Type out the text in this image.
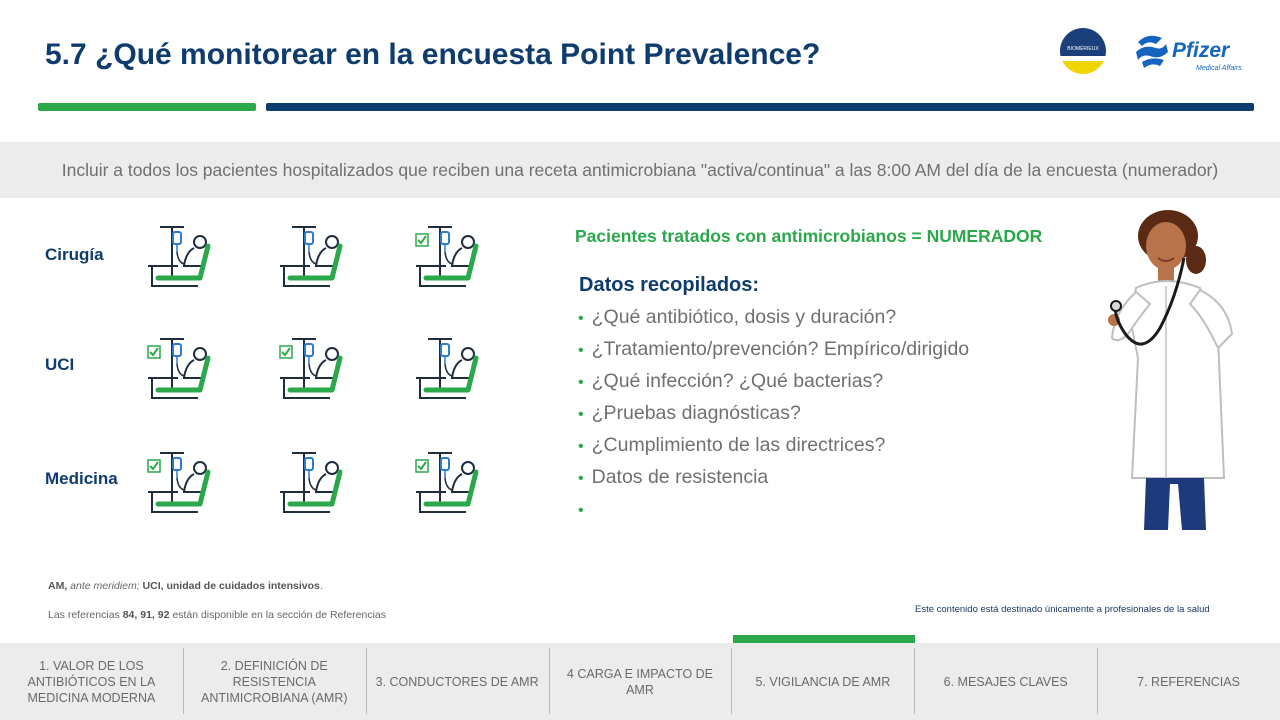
5.7 ¿Qué monitorear en la encuesta Point Prevalence?	BIOMÉRIEUX	Pfizer
Medical Affairs
Incluir a todos los pacientes hospitalizados que reciben una receta antimicrobiana "activa/continua" a las 8:00 AM del día de la encuesta (numerador)
Cirugía
UCI
Medicina
Pacientes tratados con antimicrobianos = NUMERADOR
Datos recopilados:
• ¿Qué antibiótico, dosis y duración?
• ¿Tratamiento/prevención? Empírico/dirigido
• ¿Qué infección? ¿Qué bacterias?
• ¿Pruebas diagnósticas?
• ¿Cumplimiento de las directrices?
• Datos de resistencia
•
AM, ante meridiem; UCI, unidad de cuidados intensivos.
Las referencias 84, 91, 92 están disponible en la sección de Referencias	Este contenido está destinado únicamente a profesionales de la salud
1. VALOR DE LOS ANTIBIÓTICOS EN LA MEDICINA MODERNA
2. DEFINICIÓN DE RESISTENCIA ANTIMICROBIANA (AMR)
3. CONDUCTORES DE AMR
4 CARGA E IMPACTO DE AMR
5. VIGILANCIA DE AMR	6. MESAJES CLAVES	7. REFERENCIAS
